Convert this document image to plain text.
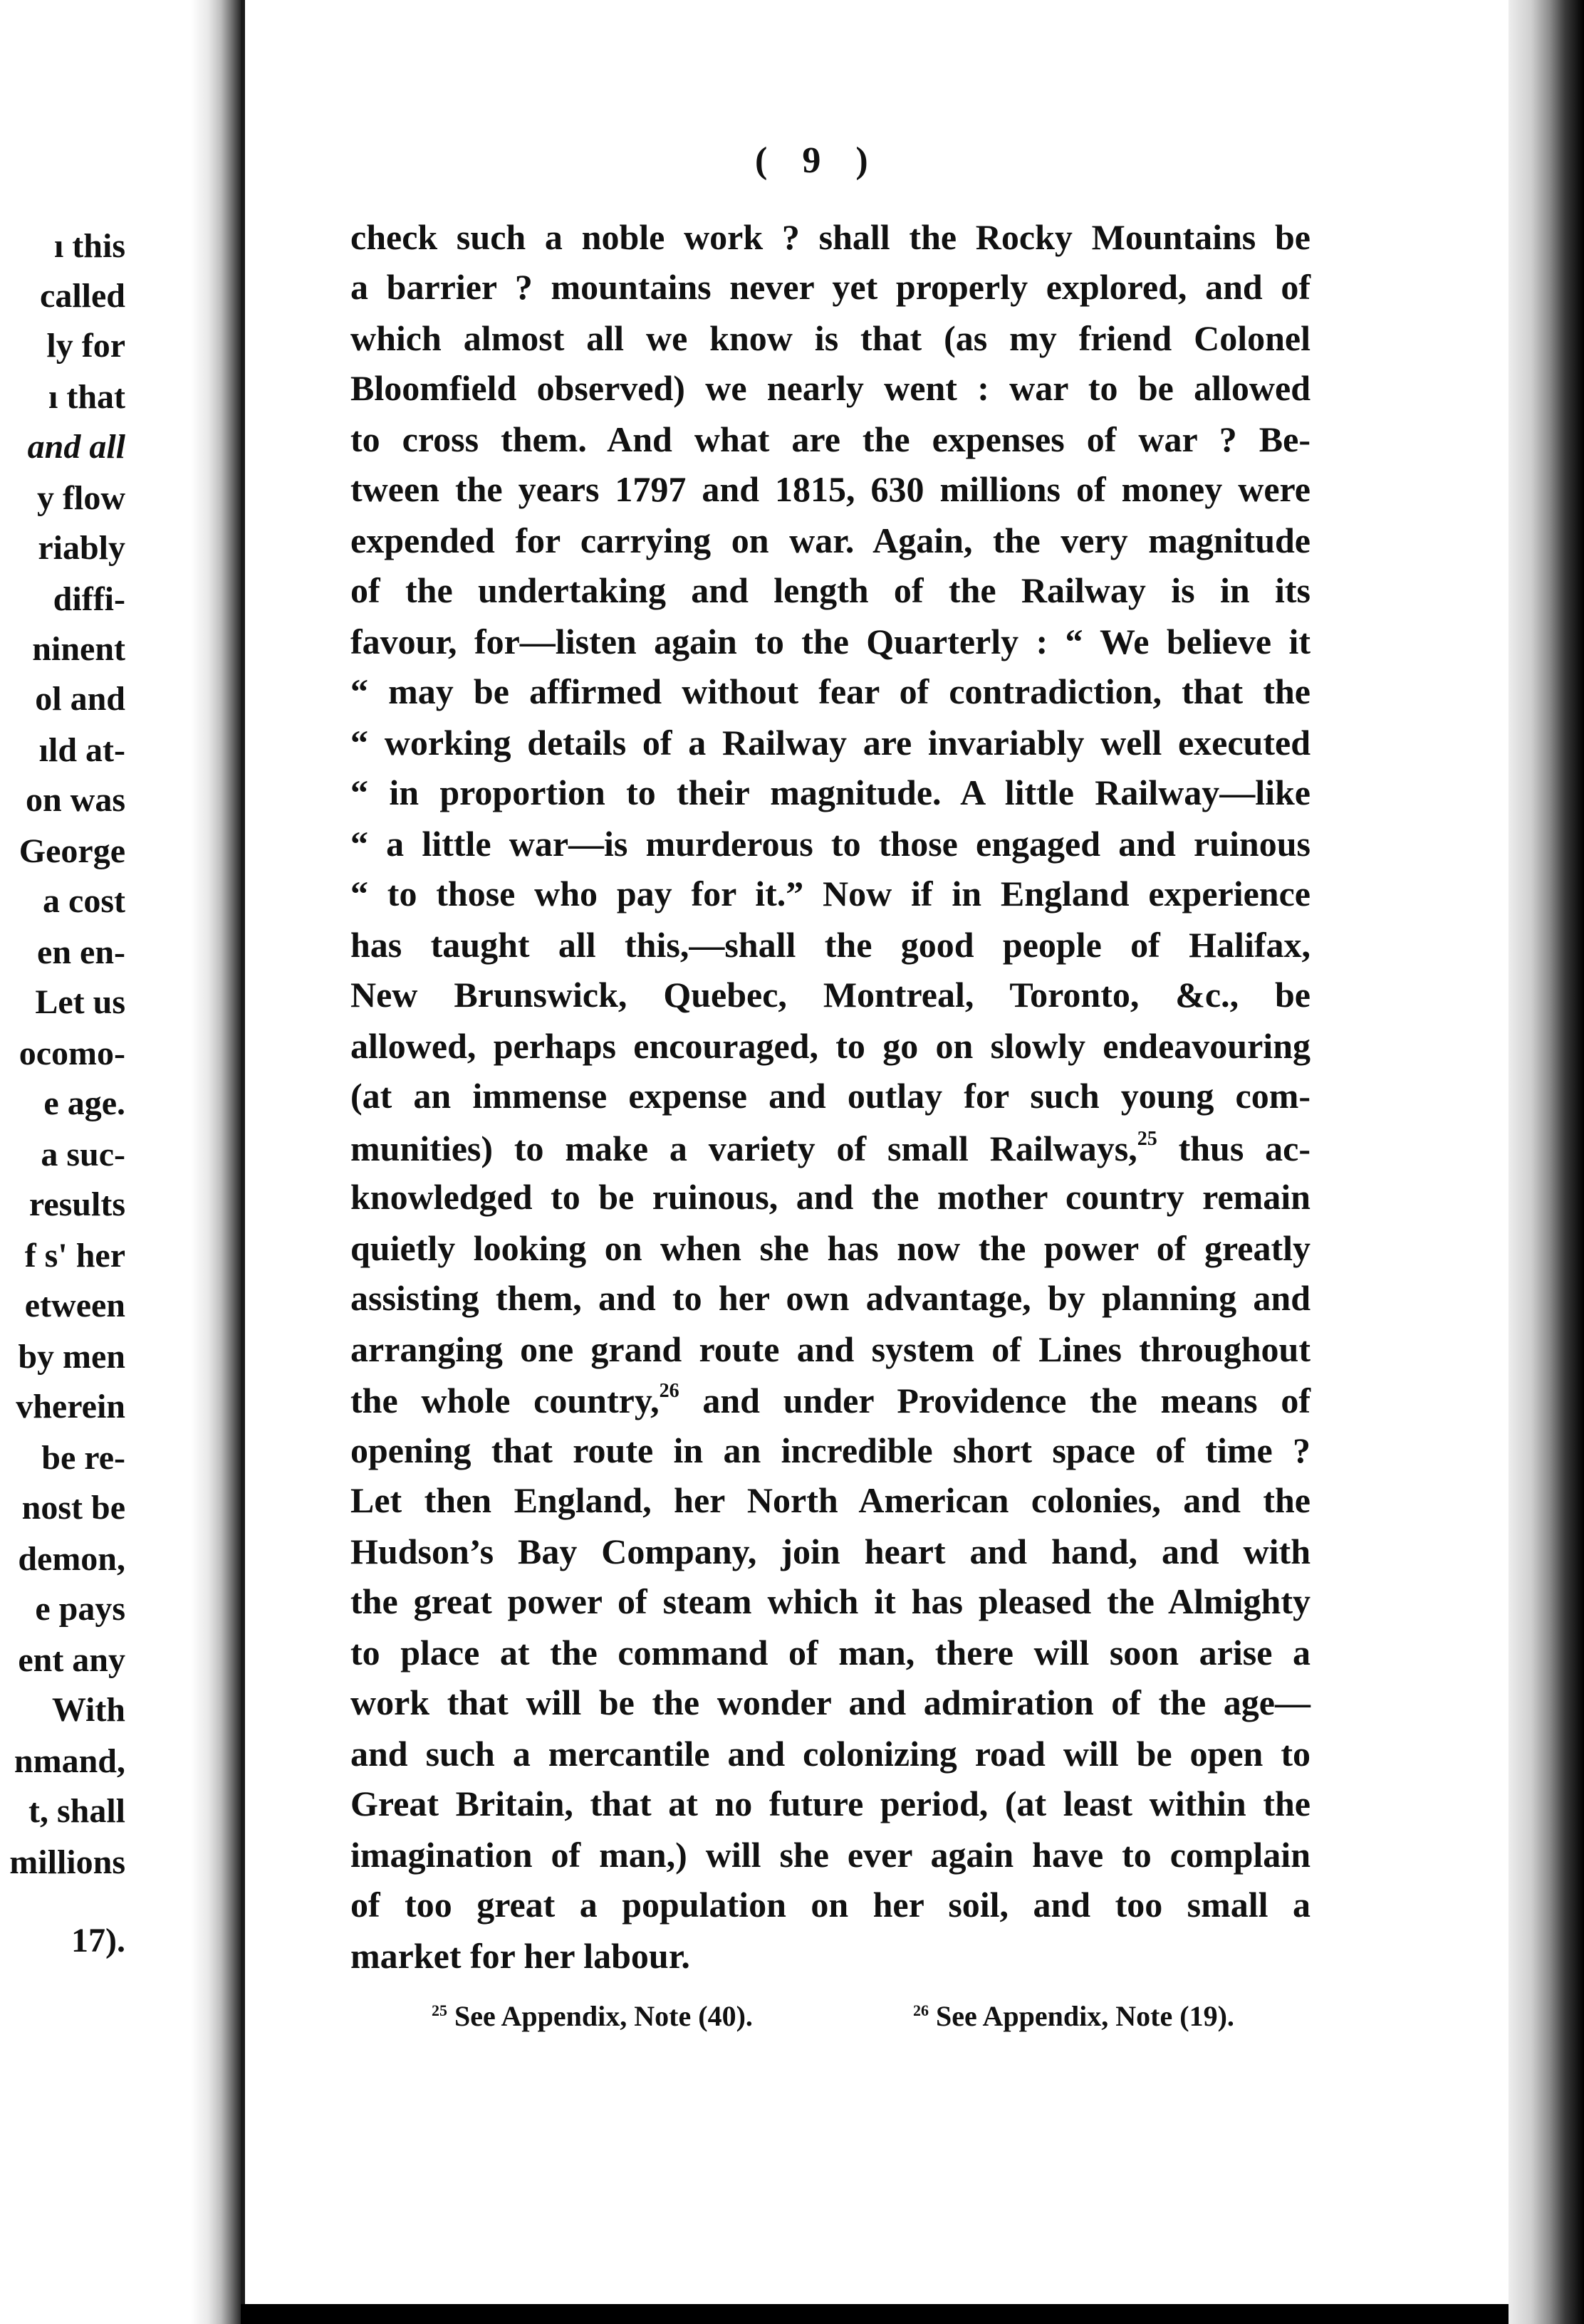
ı this

called

ly for

ı that

and all

y flow

riably

diffi-

ninent

ol and

ıld at-

on was

George

a cost

en en-

Let us

ocomo-

e age.

a suc-

results

f s' her

etween

by men

vherein

be re-

nost be

demon,

e pays

ent any

With

nmand,

t, shall

millions

17).

( 9 )

check such a noble work ? shall the Rocky Mountains be

a barrier ? mountains never yet properly explored, and of

which almost all we know is that (as my friend Colonel

Bloomfield observed) we nearly went : war to be allowed

to cross them. And what are the expenses of war ? Be-

tween the years 1797 and 1815, 630 millions of money were

expended for carrying on war. Again, the very magnitude

of the undertaking and length of the Railway is in its

favour, for—listen again to the Quarterly : “ We believe it

“ may be affirmed without fear of contradiction, that the

“ working details of a Railway are invariably well executed

“ in proportion to their magnitude. A little Railway—like

“ a little war—is murderous to those engaged and ruinous

“ to those who pay for it.” Now if in England experience

has taught all this,—shall the good people of Halifax,

New Brunswick, Quebec, Montreal, Toronto, &c., be

allowed, perhaps encouraged, to go on slowly endeavouring

(at an immense expense and outlay for such young com-

munities) to make a variety of small Railways,$^{25}$ thus ac-

knowledged to be ruinous, and the mother country remain

quietly looking on when she has now the power of greatly

assisting them, and to her own advantage, by planning and

arranging one grand route and system of Lines throughout

the whole country,$^{26}$ and under Providence the means of

opening that route in an incredible short space of time ?

Let then England, her North American colonies, and the

Hudson’s Bay Company, join heart and hand, and with

the great power of steam which it has pleased the Almighty

to place at the command of man, there will soon arise a

work that will be the wonder and admiration of the age—

and such a mercantile and colonizing road will be open to

Great Britain, that at no future period, (at least within the

imagination of man,) will she ever again have to complain

of too great a population on her soil, and too small a

market for her labour.

$^{25}$ See Appendix, Note (40).	$^{26}$ See Appendix, Note (19).
